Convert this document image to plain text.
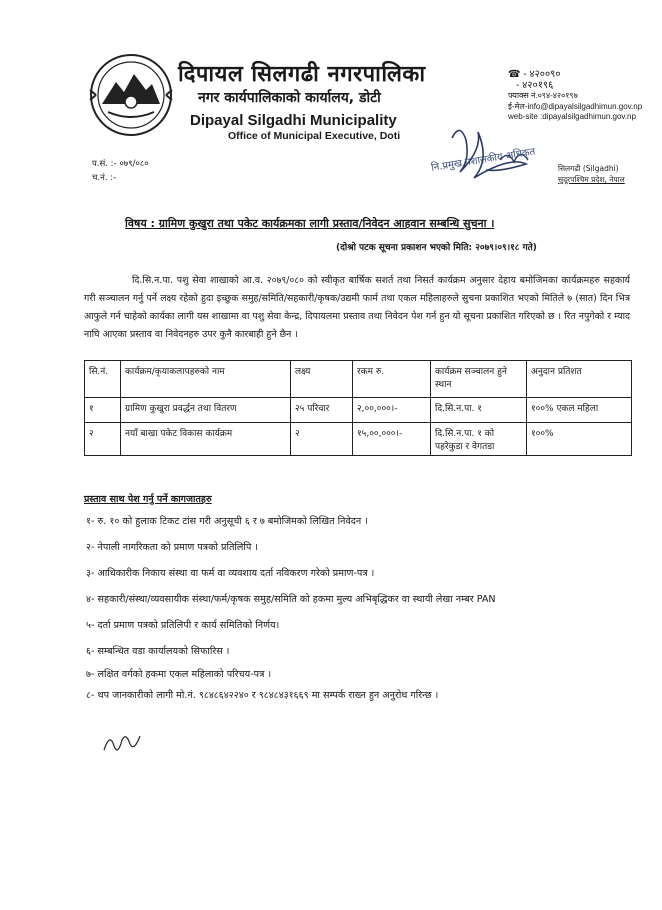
दिपायल सिलगढी नगरपालिका
नगर कार्यपालिकाको कार्यालय, डोटी
Dipayal Silgadhi Municipality
Office of Municipal Executive, Doti
☎ - ४२००९०
- ४२०१९६
फ्याक्स नं.०९४-४२०१९७
ई-मेल-info@dipayalsilgadhimun.gov.np
web-site :dipayalsilgadhimun.gov.np
प.सं. :- ०७९/०८०
च.नं. :-
नि.प्रमुख प्रशासकीय अधिकृत	सिलगढी (Silgadhi)
सुदूरपश्चिम प्रदेश, नेपाल
विषय : ग्रामिण कुखुरा तथा पकेट कार्यक्रमका लागी प्रस्ताव/निवेदन आहवान सम्बन्धि सुचना ।
(दोश्रो पटक सूचना प्रकाशन भएको मिति: २०७९।०९।१८ गते)
दि.सि.न.पा. पशु सेवा शाखाको आ.व. २०७९/०८० को स्वीकृत बार्षिक सशर्त तथा निसर्त कार्यक्रम अनुसार देहाय बमोजिमका कार्यक्रमहरु सहकार्य गरी सञ्चालन गर्नु पर्ने लक्ष्य रहेको हुदा इच्छुक समुह/समिति/सहकारी/कृषक/उद्यमी फार्म तथा एकल महिलाहरुले सुचना प्रकाशित भएको मितिले ७ (सात) दिन भित्र आफुले गर्न चाहेको कार्यका लागी यस शाखामा वा पशु सेवा केन्द्र, दिपायलमा प्रस्ताव तथा निवेदन पेश गर्न हुन यो सूचना प्रकाशित गरिएको छ । रित नपुगेको र म्याद नाघि आएका प्रस्ताव वा निवेदनहरु उपर कुनै कारबाही हुने छैन ।
सि.नं.	कार्यक्रम/कृयाकलापहरुको नाम	लक्ष्य	रकम रु.	कार्यक्रम सञ्चालन हुने स्थान	अनुदान प्रतिशत
१	ग्रामिण कुखुरा प्रवर्द्धन तथा वितरण	२५ परिवार	२,००,०००।-	दि.सि.न.पा. १	१००% एकल महिला
२	नयाँ बाखा पकेट विकास कार्यक्रम	२	१५,००,०००।-	दि.सि.न.पा. १ को पहरेकुडा र वेगतडा	१००%
प्रस्ताव साथ पेश गर्नु पर्ने कागजातहरु
१- रु. १० को हुलाक टिकट टांस गरी अनुसूची ६ र ७ बमोजिमको लिखित निवेदन ।
२- नेपाली नागरिकता को प्रमाण पत्रको प्रतिलिपि ।
३- आधिकारीक निकाय संस्था वा फर्म वा व्यवशाय दर्ता नविकरण गरेको प्रमाण-पत्र ।
४- सहकारी/संस्था/व्यवसायीक संस्था/फर्म/कृषक समुह/समिति को हकमा मुल्य अभिबृद्धिकर वा स्थायी लेखा नम्बर PAN
५- दर्ता प्रमाण पत्रको प्रतिलिपी र कार्य समितिको निर्णय।
६- सम्बन्धित वडा कार्यालयको सिफारिस ।
७- लक्षित वर्गको हकमा एकल महिलाको परिचय-पत्र ।
८- थप जानकारीको लागी मो.नं. ९८४८६४२२४० र ९८४८४३१६६९ मा सम्पर्क राख्न हुन अनुरोध गरिन्छ ।
